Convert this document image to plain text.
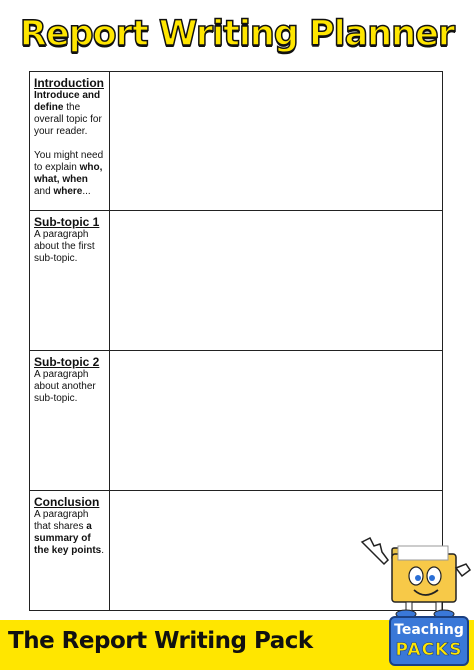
Report Writing Planner
Introduction
Introduce and define the overall topic for your reader.
You might need to explain who, what, when and where...
Sub-topic 1
A paragraph about the first sub-topic.
Sub-topic 2
A paragraph about another sub-topic.
Conclusion
A paragraph that shares a summary of the key points.
The Report Writing Pack	Teaching
PACKS
